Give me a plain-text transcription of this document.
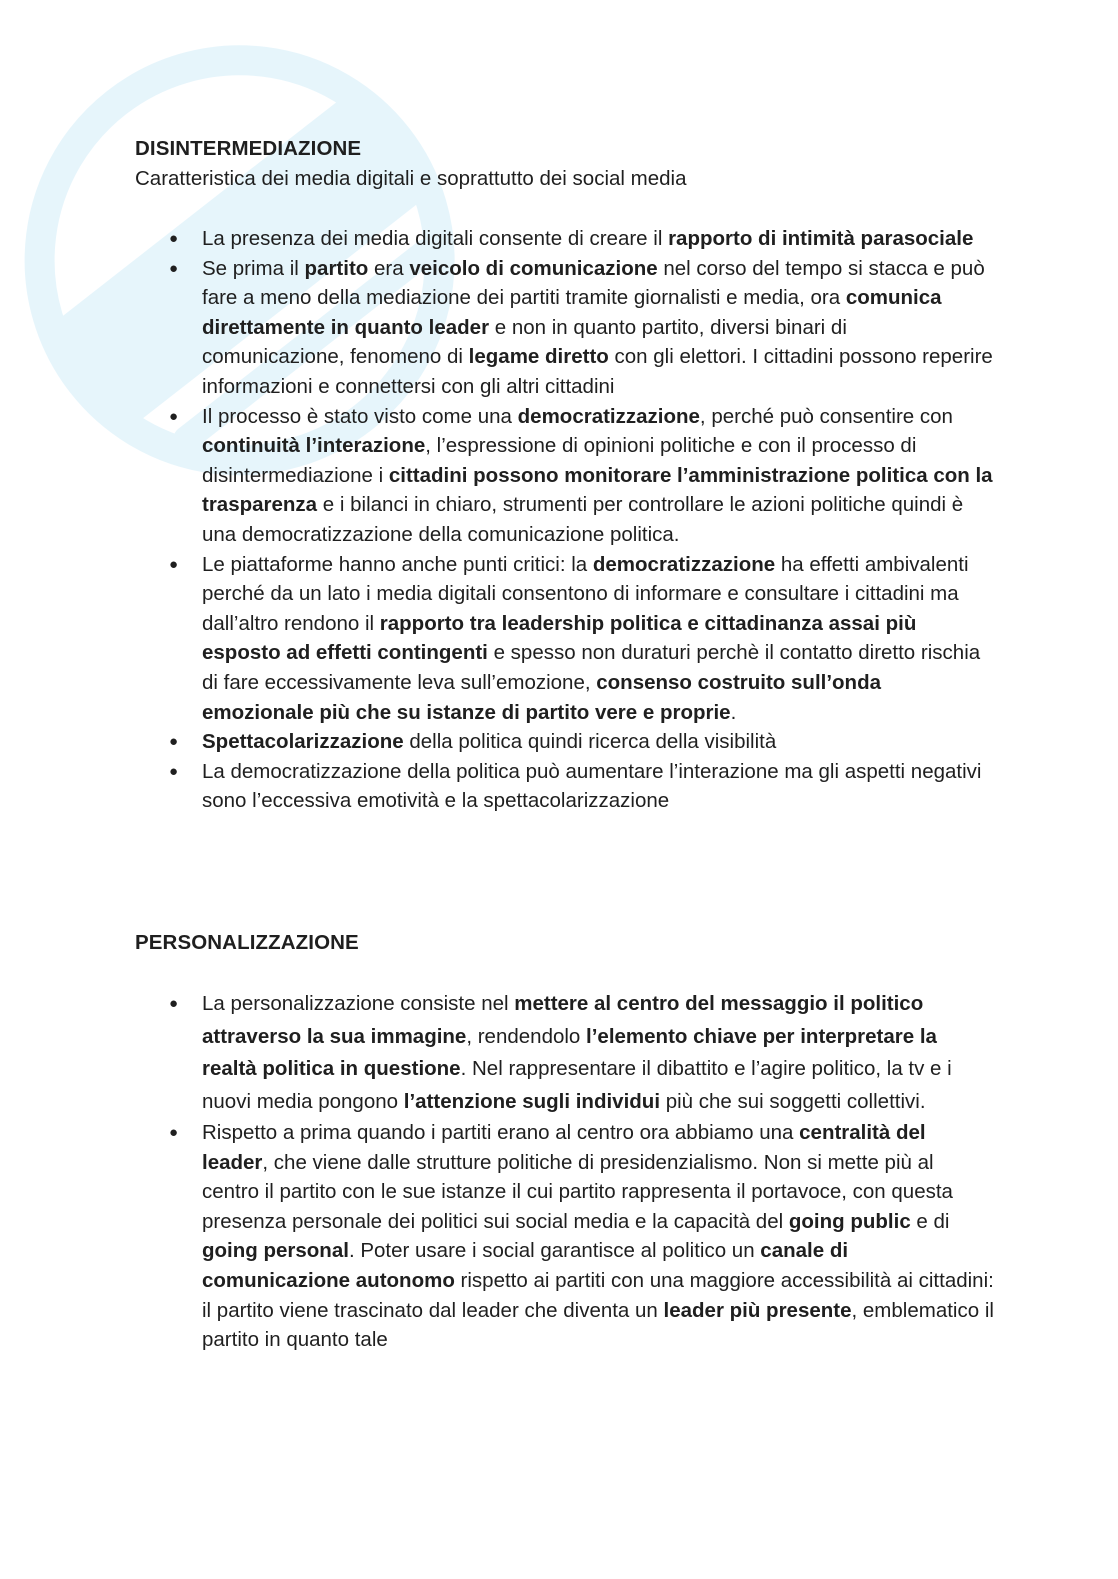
DISINTERMEDIAZIONE

Caratteristica dei media digitali e soprattutto dei social media

● La presenza dei media digitali consente di creare il rapporto di intimità parasociale
● Se prima il partito era veicolo di comunicazione nel corso del tempo si stacca e può fare a meno della mediazione dei partiti tramite giornalisti e media, ora comunica direttamente in quanto leader e non in quanto partito, diversi binari di comunicazione, fenomeno di legame diretto con gli elettori. I cittadini possono reperire informazioni e connettersi con gli altri cittadini
● Il processo è stato visto come una democratizzazione, perché può consentire con continuità l’interazione, l’espressione di opinioni politiche e con il processo di disintermediazione i cittadini possono monitorare l’amministrazione politica con la trasparenza e i bilanci in chiaro, strumenti per controllare le azioni politiche quindi è una democratizzazione della comunicazione politica.
● Le piattaforme hanno anche punti critici: la democratizzazione ha effetti ambivalenti perché da un lato i media digitali consentono di informare e consultare i cittadini ma dall’altro rendono il rapporto tra leadership politica e cittadinanza assai più esposto ad effetti contingenti e spesso non duraturi perchè il contatto diretto rischia di fare eccessivamente leva sull’emozione, consenso costruito sull’onda emozionale più che su istanze di partito vere e proprie.
● Spettacolarizzazione della politica quindi ricerca della visibilità
● La democratizzazione della politica può aumentare l’interazione ma gli aspetti negativi sono l’eccessiva emotività e la spettacolarizzazione

PERSONALIZZAZIONE

● La personalizzazione consiste nel mettere al centro del messaggio il politico attraverso la sua immagine, rendendolo l’elemento chiave per interpretare la realtà politica in questione. Nel rappresentare il dibattito e l’agire politico, la tv e i nuovi media pongono l’attenzione sugli individui più che sui soggetti collettivi.
● Rispetto a prima quando i partiti erano al centro ora abbiamo una centralità del leader, che viene dalle strutture politiche di presidenzialismo. Non si mette più al centro il partito con le sue istanze il cui partito rappresenta il portavoce, con questa presenza personale dei politici sui social media e la capacità del going public e di going personal. Poter usare i social garantisce al politico un canale di comunicazione autonomo rispetto ai partiti con una maggiore accessibilità ai cittadini: il partito viene trascinato dal leader che diventa un leader più presente, emblematico il partito in quanto tale
